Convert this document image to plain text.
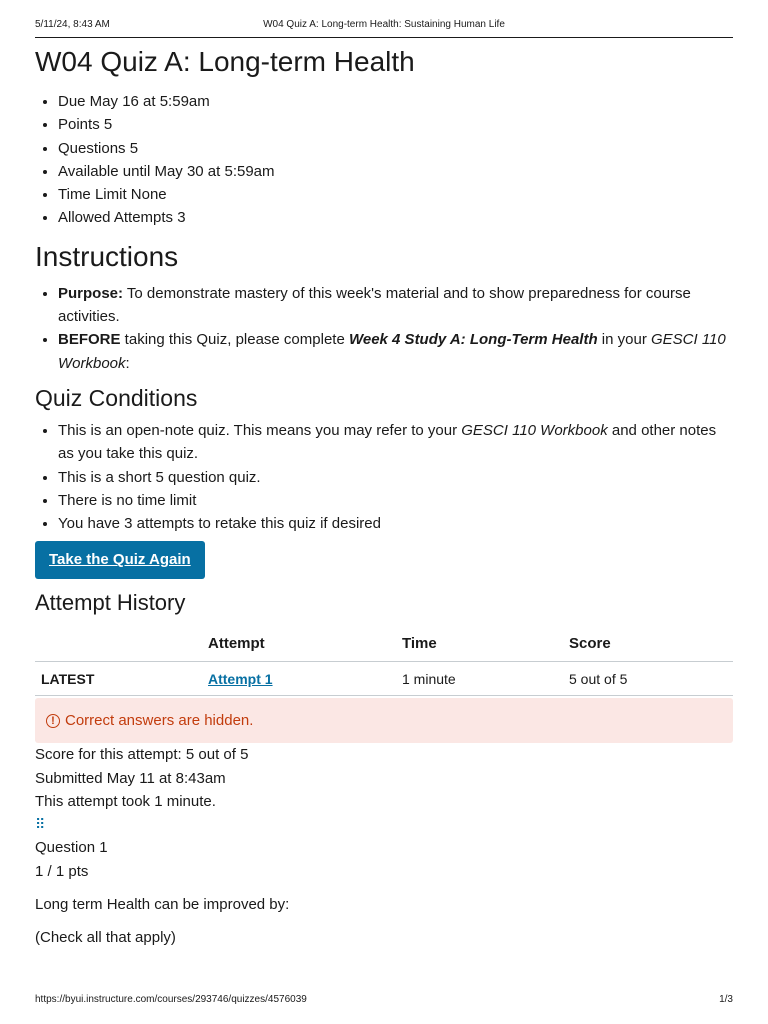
5/11/24, 8:43 AM	W04 Quiz A: Long-term Health: Sustaining Human Life
W04 Quiz A: Long-term Health
• Due May 16 at 5:59am
• Points 5
• Questions 5
• Available until May 30 at 5:59am
• Time Limit None
• Allowed Attempts 3
Instructions
• Purpose: To demonstrate mastery of this week's material and to show preparedness for course activities.
• BEFORE taking this Quiz, please complete Week 4 Study A: Long-Term Health in your GESCI 110 Workbook:
Quiz Conditions
• This is an open-note quiz. This means you may refer to your GESCI 110 Workbook and other notes as you take this quiz.
• This is a short 5 question quiz.
• There is no time limit
• You have 3 attempts to retake this quiz if desired
Take the Quiz Again
Attempt History
	Attempt	Time	Score
LATEST	Attempt 1	1 minute	5 out of 5
! Correct answers are hidden.

Score for this attempt: 5 out of 5

Submitted May 11 at 8:43am

This attempt took 1 minute.

⠿

Question 1

1 / 1 pts

Long term Health can be improved by:

(Check all that apply)

https://byui.instructure.com/courses/293746/quizzes/4576039	1/3
